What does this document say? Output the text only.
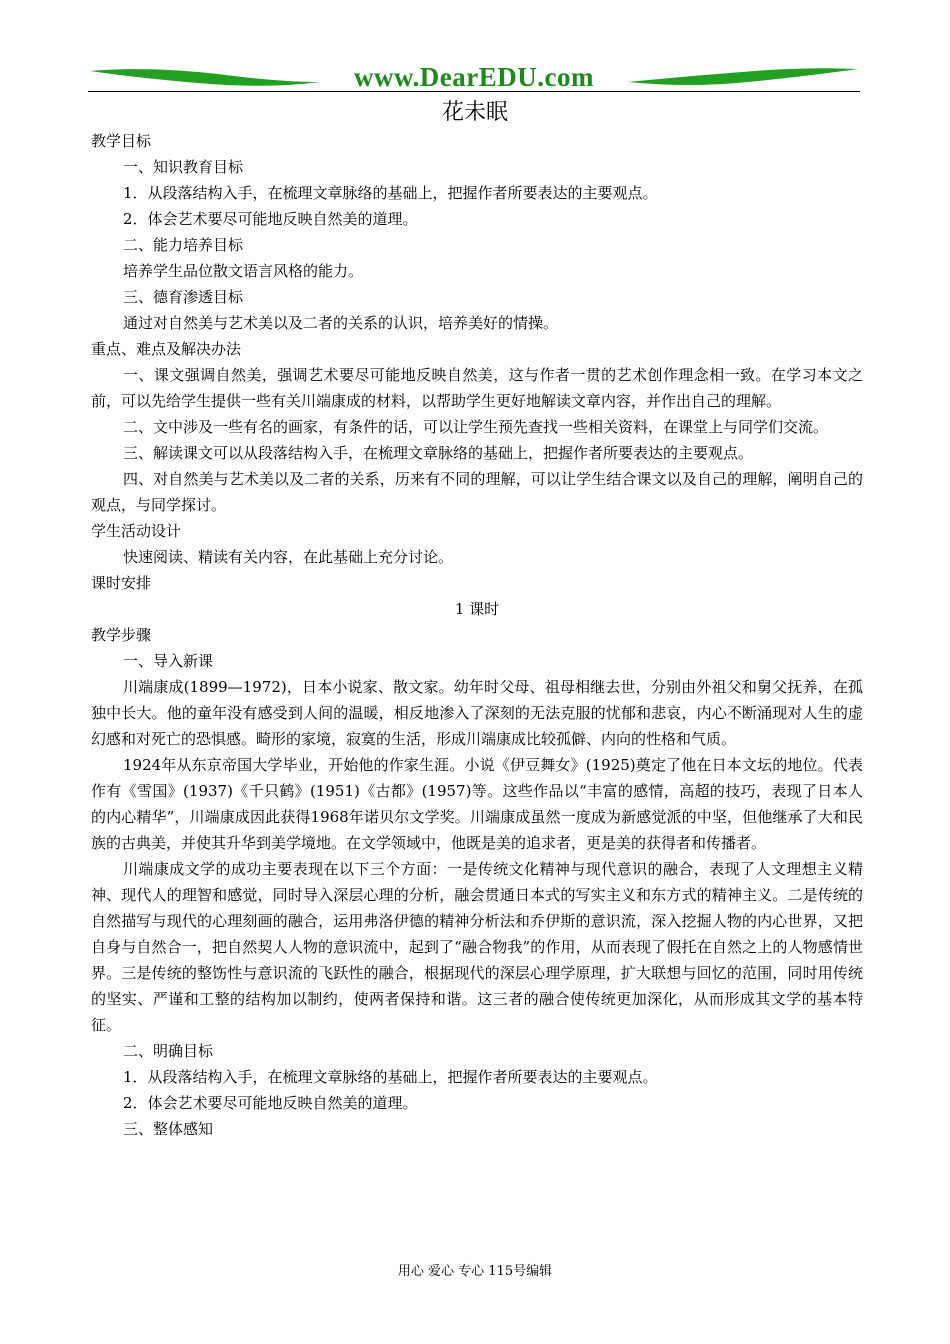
www.DearEDU.com
花未眠
教学目标
一、知识教育目标
1．从段落结构入手，在梳理文章脉络的基础上，把握作者所要表达的主要观点。
2．体会艺术要尽可能地反映自然美的道理。
二、能力培养目标
培养学生品位散文语言风格的能力。
三、德育渗透目标
通过对自然美与艺术美以及二者的关系的认识，培养美好的情操。
重点、难点及解决办法

一、课文强调自然美，强调艺术要尽可能地反映自然美，这与作者一贯的艺术创作理念相一致。在学习本文之前，可以先给学生提供一些有关川端康成的材料，以帮助学生更好地解读文章内容，并作出自己的理解。

二、文中涉及一些有名的画家，有条件的话，可以让学生预先查找一些相关资料，在课堂上与同学们交流。

三、解读课文可以从段落结构入手，在梳理文章脉络的基础上，把握作者所要表达的主要观点。

四、对自然美与艺术美以及二者的关系，历来有不同的理解，可以让学生结合课文以及自己的理解，阐明自己的观点，与同学探讨。

学生活动设计
快速阅读、精读有关内容，在此基础上充分讨论。
课时安排
1 课时
教学步骤
一、导入新课

川端康成(1899—1972)，日本小说家、散文家。幼年时父母、祖母相继去世，分别由外祖父和舅父抚养，在孤独中长大。他的童年没有感受到人间的温暖，相反地渗入了深刻的无法克服的忧郁和悲哀，内心不断涌现对人生的虚幻感和对死亡的恐惧感。畸形的家境，寂寞的生活，形成川端康成比较孤僻、内向的性格和气质。

1924年从东京帝国大学毕业，开始他的作家生涯。小说《伊豆舞女》(1925)奠定了他在日本文坛的地位。代表作有《雪国》(1937)《千只鹤》(1951)《古都》(1957)等。这些作品以“丰富的感情，高超的技巧，表现了日本人的内心精华”，川端康成因此获得1968年诺贝尔文学奖。川端康成虽然一度成为新感觉派的中坚，但他继承了大和民族的古典美，并使其升华到美学境地。在文学领域中，他既是美的追求者，更是美的获得者和传播者。

川端康成文学的成功主要表现在以下三个方面：一是传统文化精神与现代意识的融合，表现了人文理想主义精神、现代人的理智和感觉，同时导入深层心理的分析，融会贯通日本式的写实主义和东方式的精神主义。二是传统的自然描写与现代的心理刻画的融合，运用弗洛伊德的精神分析法和乔伊斯的意识流，深入挖掘人物的内心世界，又把自身与自然合一，把自然契人人物的意识流中，起到了“融合物我”的作用，从而表现了假托在自然之上的人物感情世界。三是传统的整饬性与意识流的飞跃性的融合，根据现代的深层心理学原理，扩大联想与回忆的范围，同时用传统的坚实、严谨和工整的结构加以制约，使两者保持和谐。这三者的融合使传统更加深化，从而形成其文学的基本特征。

二、明确目标
1．从段落结构入手，在梳理文章脉络的基础上，把握作者所要表达的主要观点。
2．体会艺术要尽可能地反映自然美的道理。
三、整体感知
用心 爱心 专心 115号编辑
